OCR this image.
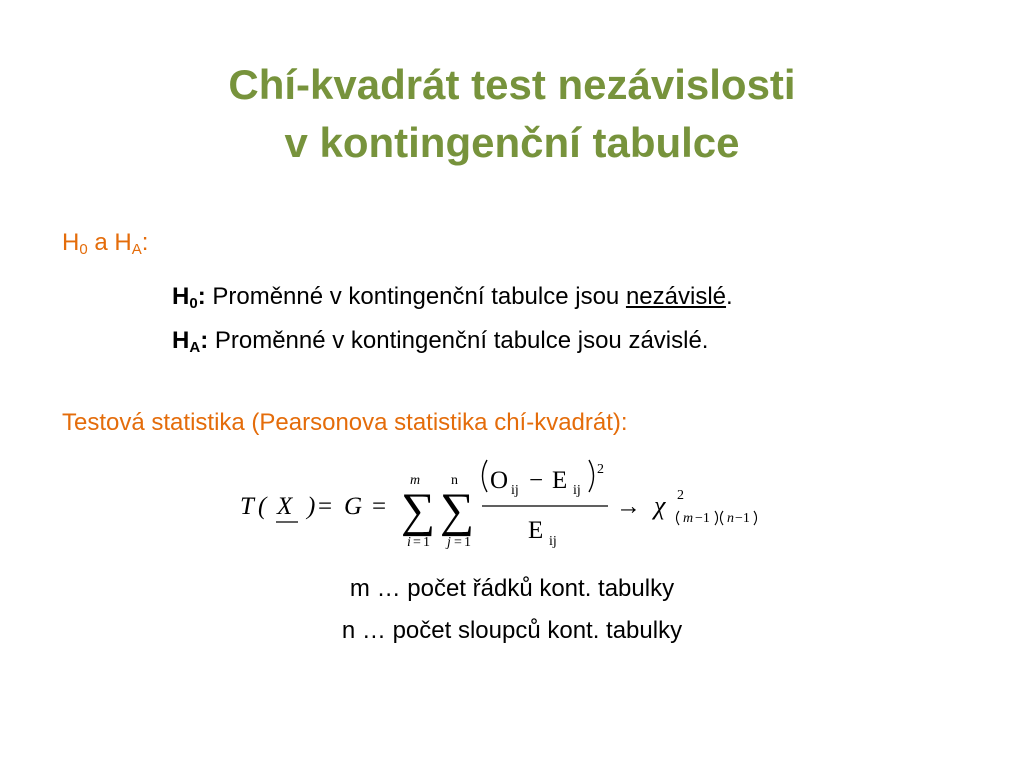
Chí-kvadrát test nezávislosti
v kontingenční tabulce
$H_0$ a $H_A$:
$H_0$: Proměnné v kontingenční tabulce jsou nezávislé.
$H_A$: Proměnné v kontingenční tabulce jsou závislé.
Testová statistika (Pearsonova statistika chí-kvadrát):
T ( X ) = G =
m
∑
i = 1
n
∑
j = 1
O ij − E ij
2
E ij
→ χ 2
m −1 n −1
m … počet řádků kont. tabulky
n … počet sloupců kont. tabulky
